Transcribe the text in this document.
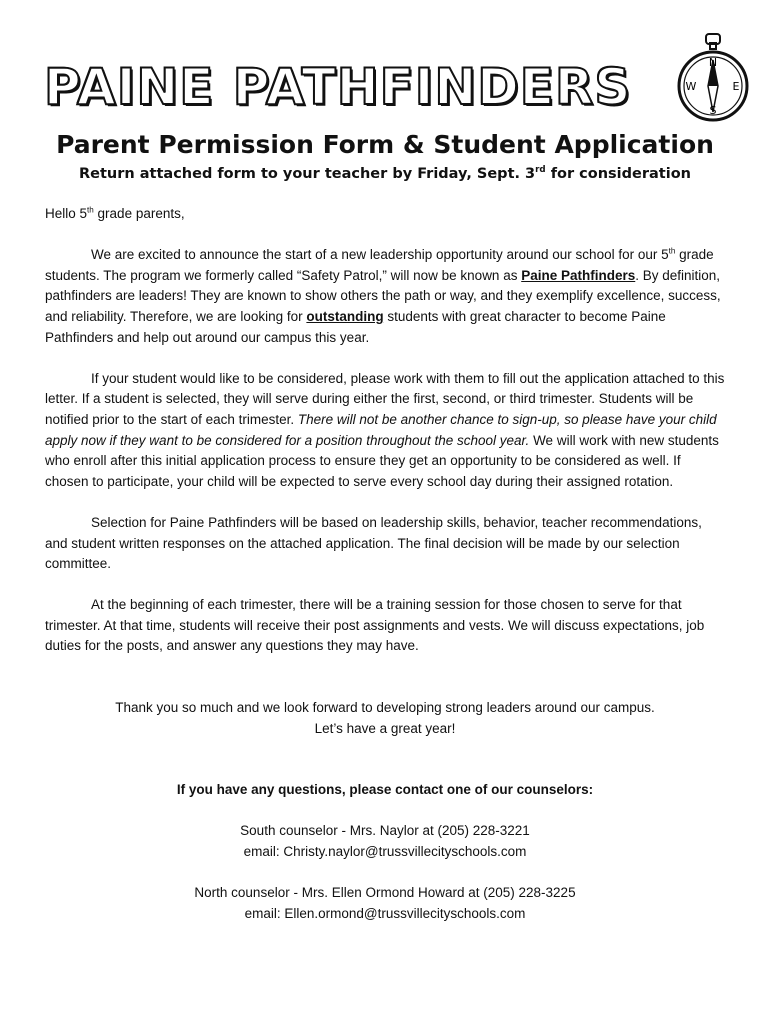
PAINE PATHFINDERS	N
E
S
W
Parent Permission Form & Student Application
Return attached form to your teacher by Friday, Sept. 3rd for consideration

Hello 5th grade parents,

We are excited to announce the start of a new leadership opportunity around our school for our 5th grade students. The program we formerly called “Safety Patrol,” will now be known as Paine Pathfinders. By definition, pathfinders are leaders! They are known to show others the path or way, and they exemplify excellence, success, and reliability. Therefore, we are looking for outstanding students with great character to become Paine Pathfinders and help out around our campus this year.

If your student would like to be considered, please work with them to fill out the application attached to this letter. If a student is selected, they will serve during either the first, second, or third trimester. Students will be notified prior to the start of each trimester. There will not be another chance to sign-up, so please have your child apply now if they want to be considered for a position throughout the school year. We will work with new students who enroll after this initial application process to ensure they get an opportunity to be considered as well. If chosen to participate, your child will be expected to serve every school day during their assigned rotation.

Selection for Paine Pathfinders will be based on leadership skills, behavior, teacher recommendations, and student written responses on the attached application. The final decision will be made by our selection committee.

At the beginning of each trimester, there will be a training session for those chosen to serve for that trimester. At that time, students will receive their post assignments and vests. We will discuss expectations, job duties for the posts, and answer any questions they may have.

Thank you so much and we look forward to developing strong leaders around our campus.

Let’s have a great year!

If you have any questions, please contact one of our counselors:

South counselor - Mrs. Naylor at (205) 228-3221

email: Christy.naylor@trussvillecityschools.com

North counselor - Mrs. Ellen Ormond Howard at (205) 228-3225

email: Ellen.ormond@trussvillecityschools.com
